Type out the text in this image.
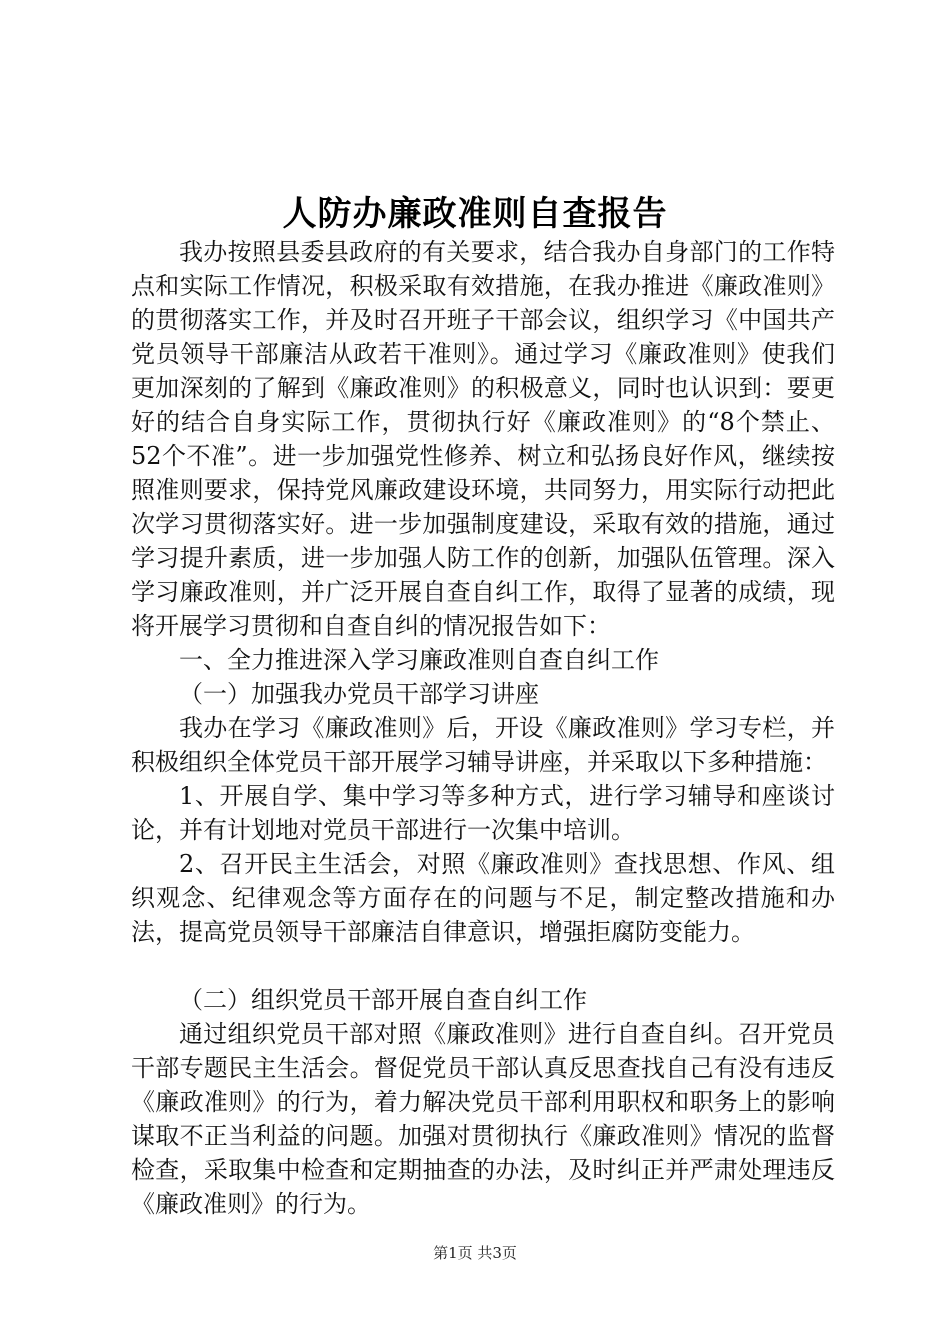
人防办廉政准则自查报告

我办按照县委县政府的有关要求，结合我办自身部门的工作特点和实际工作情况，积极采取有效措施，在我办推进《廉政准则》的贯彻落实工作，并及时召开班子干部会议，组织学习《中国共产党员领导干部廉洁从政若干准则》。通过学习《廉政准则》使我们更加深刻的了解到《廉政准则》的积极意义，同时也认识到：要更好的结合自身实际工作，贯彻执行好《廉政准则》的“8个禁止、52个不准”。进一步加强党性修养、树立和弘扬良好作风，继续按照准则要求，保持党风廉政建设环境，共同努力，用实际行动把此次学习贯彻落实好。进一步加强制度建设，采取有效的措施，通过学习提升素质，进一步加强人防工作的创新，加强队伍管理。深入学习廉政准则，并广泛开展自查自纠工作，取得了显著的成绩，现将开展学习贯彻和自查自纠的情况报告如下：

一、全力推进深入学习廉政准则自查自纠工作

（一）加强我办党员干部学习讲座

我办在学习《廉政准则》后，开设《廉政准则》学习专栏，并积极组织全体党员干部开展学习辅导讲座，并采取以下多种措施：

1、开展自学、集中学习等多种方式，进行学习辅导和座谈讨论，并有计划地对党员干部进行一次集中培训。

2、召开民主生活会，对照《廉政准则》查找思想、作风、组织观念、纪律观念等方面存在的问题与不足，制定整改措施和办法，提高党员领导干部廉洁自律意识，增强拒腐防变能力。

（二）组织党员干部开展自查自纠工作

通过组织党员干部对照《廉政准则》进行自查自纠。召开党员干部专题民主生活会。督促党员干部认真反思查找自己有没有违反《廉政准则》的行为，着力解决党员干部利用职权和职务上的影响谋取不正当利益的问题。加强对贯彻执行《廉政准则》情况的监督检查，采取集中检查和定期抽查的办法，及时纠正并严肃处理违反《廉政准则》的行为。

第1页 共3页
